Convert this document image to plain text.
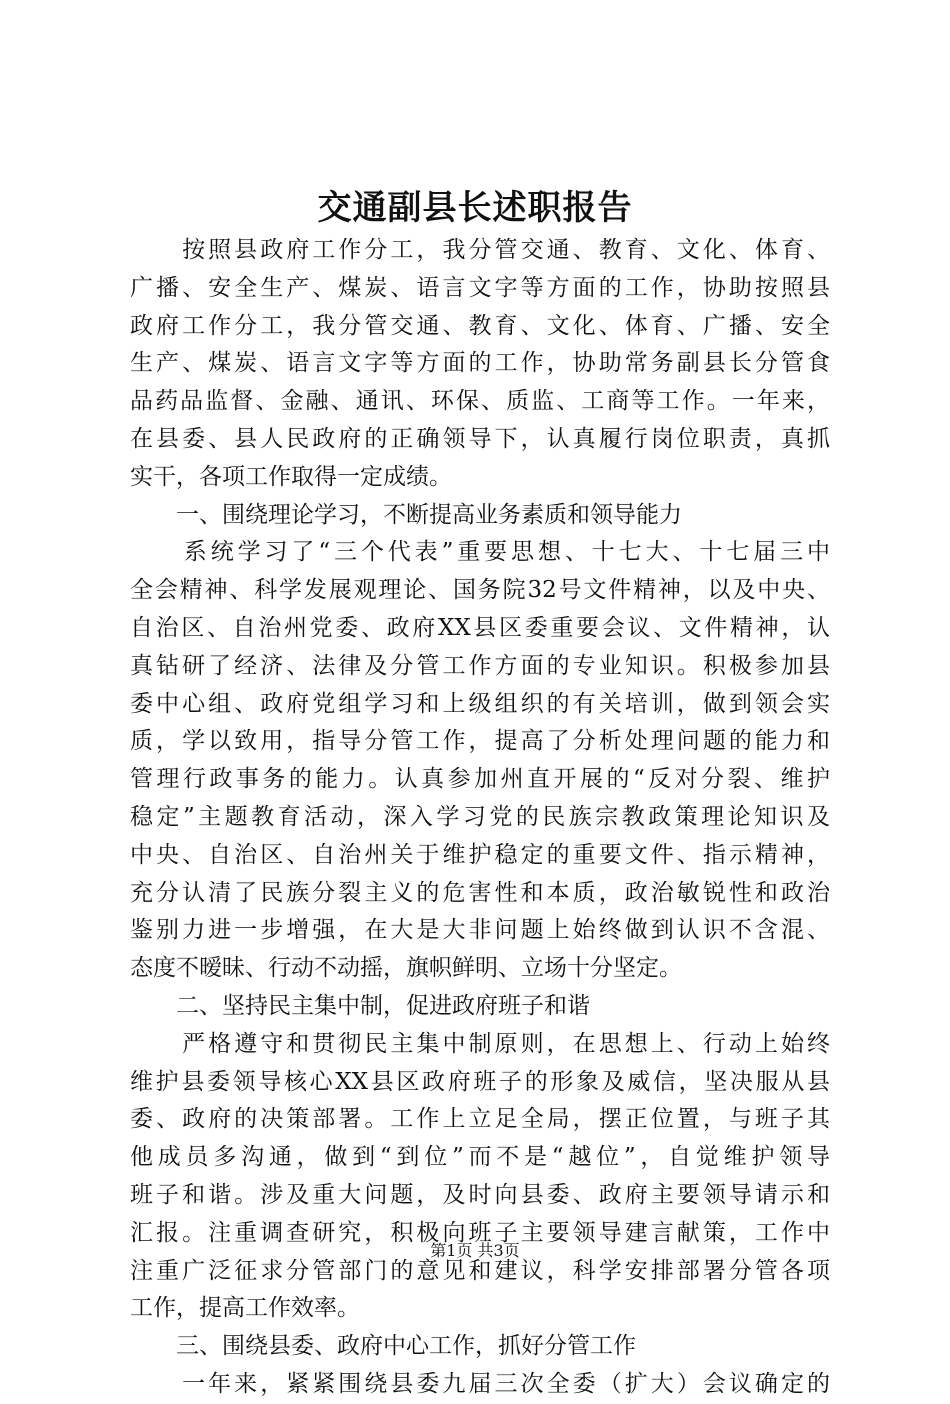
交通副县长述职报告
　　按照县政府工作分工，我分管交通、教育、文化、体育、
广播、安全生产、煤炭、语言文字等方面的工作，协助按照县
政府工作分工，我分管交通、教育、文化、体育、广播、安全
生产、煤炭、语言文字等方面的工作，协助常务副县长分管食
品药品监督、金融、通讯、环保、质监、工商等工作。一年来，
在县委、县人民政府的正确领导下，认真履行岗位职责，真抓
实干，各项工作取得一定成绩。
　　一、围绕理论学习，不断提高业务素质和领导能力
　　系统学习了“三个代表”重要思想、十七大、十七届三中
全会精神、科学发展观理论、国务院32号文件精神，以及中央、
自治区、自治州党委、政府XX县区委重要会议、文件精神，认
真钻研了经济、法律及分管工作方面的专业知识。积极参加县
委中心组、政府党组学习和上级组织的有关培训，做到领会实
质，学以致用，指导分管工作，提高了分析处理问题的能力和
管理行政事务的能力。认真参加州直开展的“反对分裂、维护
稳定”主题教育活动，深入学习党的民族宗教政策理论知识及
中央、自治区、自治州关于维护稳定的重要文件、指示精神，
充分认清了民族分裂主义的危害性和本质，政治敏锐性和政治
鉴别力进一步增强，在大是大非问题上始终做到认识不含混、
态度不暧昧、行动不动摇，旗帜鲜明、立场十分坚定。
　　二、坚持民主集中制，促进政府班子和谐
　　严格遵守和贯彻民主集中制原则，在思想上、行动上始终
维护县委领导核心XX县区政府班子的形象及威信，坚决服从县
委、政府的决策部署。工作上立足全局，摆正位置，与班子其
他成员多沟通，做到“到位”而不是“越位”，自觉维护领导
班子和谐。涉及重大问题，及时向县委、政府主要领导请示和
汇报。注重调查研究，积极向班子主要领导建言献策，工作中
注重广泛征求分管部门的意见和建议，科学安排部署分管各项
工作，提高工作效率。
　　三、围绕县委、政府中心工作，抓好分管工作
　　一年来，紧紧围绕县委九届三次全委（扩大）会议确定的
第1页 共3页
